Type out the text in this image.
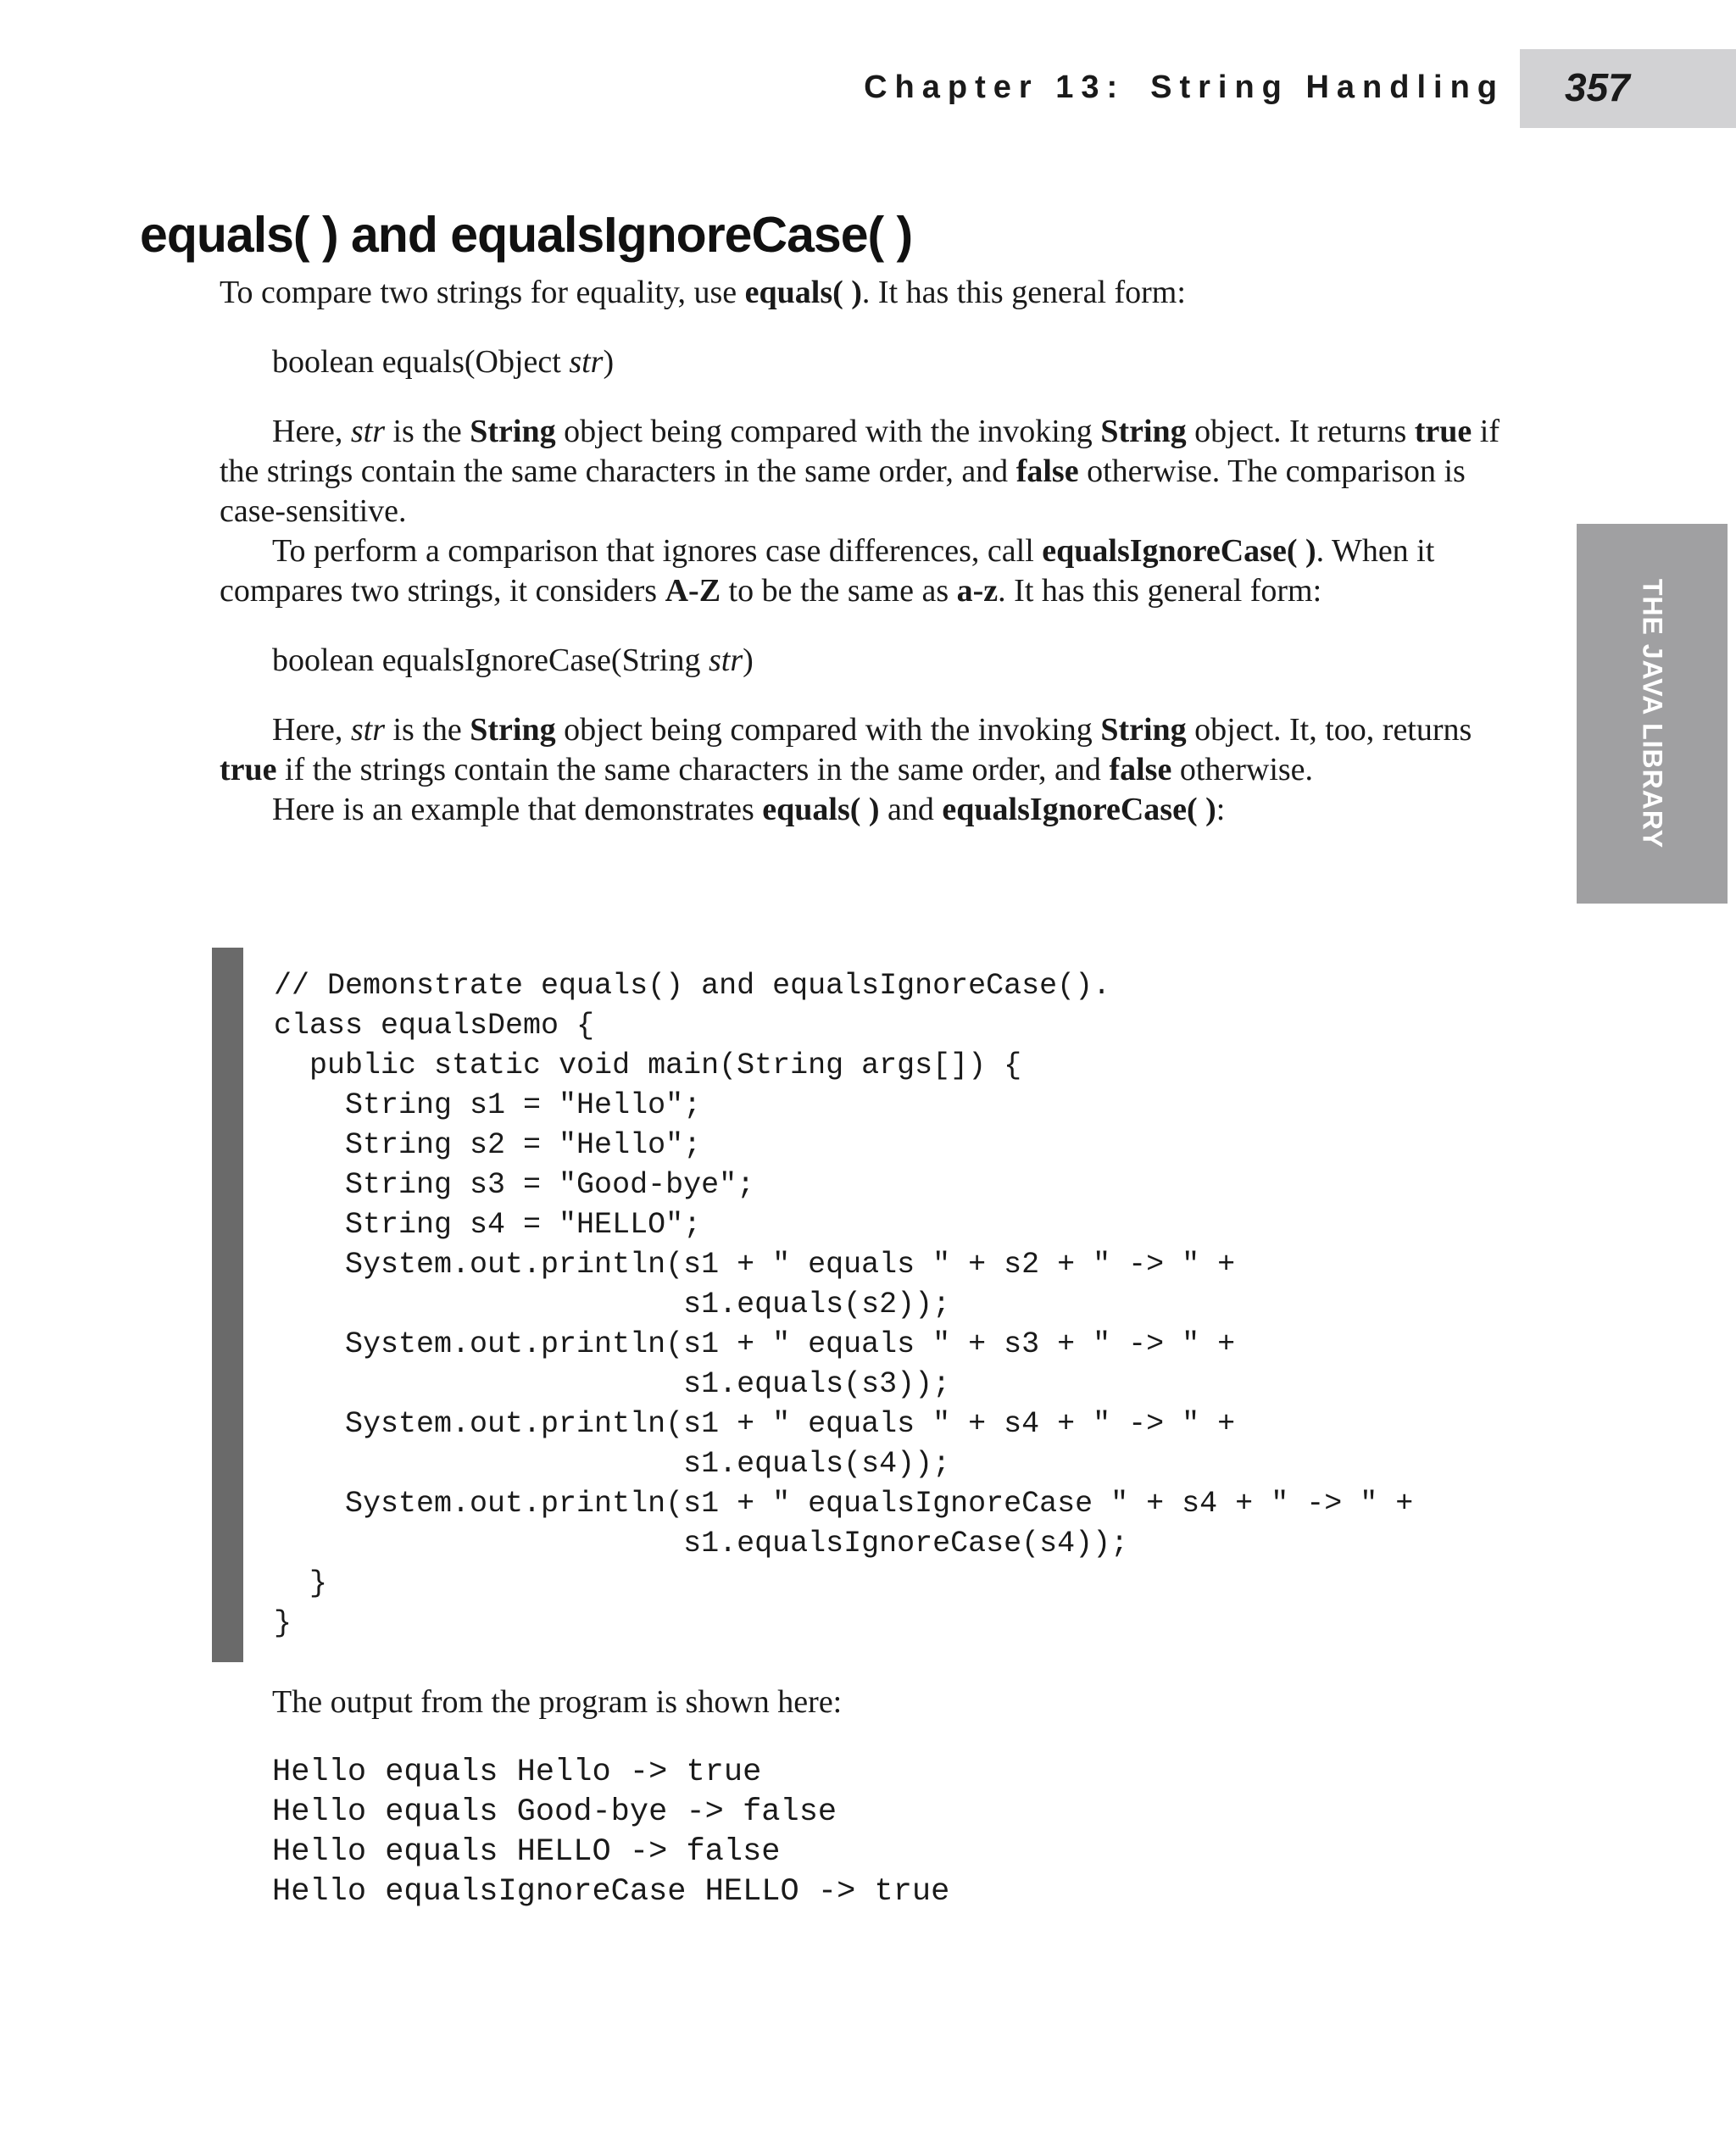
Chapter 13: String Handling 357
THE JAVA LIBRARY
equals( ) and equalsIgnoreCase( )

To compare two strings for equality, use equals( ). It has this general form:

boolean equals(Object str)

Here, str is the String object being compared with the invoking String object. It returns true if the strings contain the same characters in the same order, and false otherwise. The comparison is case-sensitive.

To perform a comparison that ignores case differences, call equalsIgnoreCase( ). When it compares two strings, it considers A-Z to be the same as a-z. It has this general form:

boolean equalsIgnoreCase(String str)

Here, str is the String object being compared with the invoking String object. It, too, returns true if the strings contain the same characters in the same order, and false otherwise.

Here is an example that demonstrates equals( ) and equalsIgnoreCase( ):

// Demonstrate equals() and equalsIgnoreCase().
class equalsDemo {
public static void main(String args[]) {
String s1 = "Hello";
String s2 = "Hello";
String s3 = "Good-bye";
String s4 = "HELLO";
System.out.println(s1 + " equals " + s2 + " -> " +
s1.equals(s2));
System.out.println(s1 + " equals " + s3 + " -> " +
s1.equals(s3));
System.out.println(s1 + " equals " + s4 + " -> " +
s1.equals(s4));
System.out.println(s1 + " equalsIgnoreCase " + s4 + " -> " +
s1.equalsIgnoreCase(s4));
}
}

The output from the program is shown here:

Hello equals Hello -> true
Hello equals Good-bye -> false
Hello equals HELLO -> false
Hello equalsIgnoreCase HELLO -> true
